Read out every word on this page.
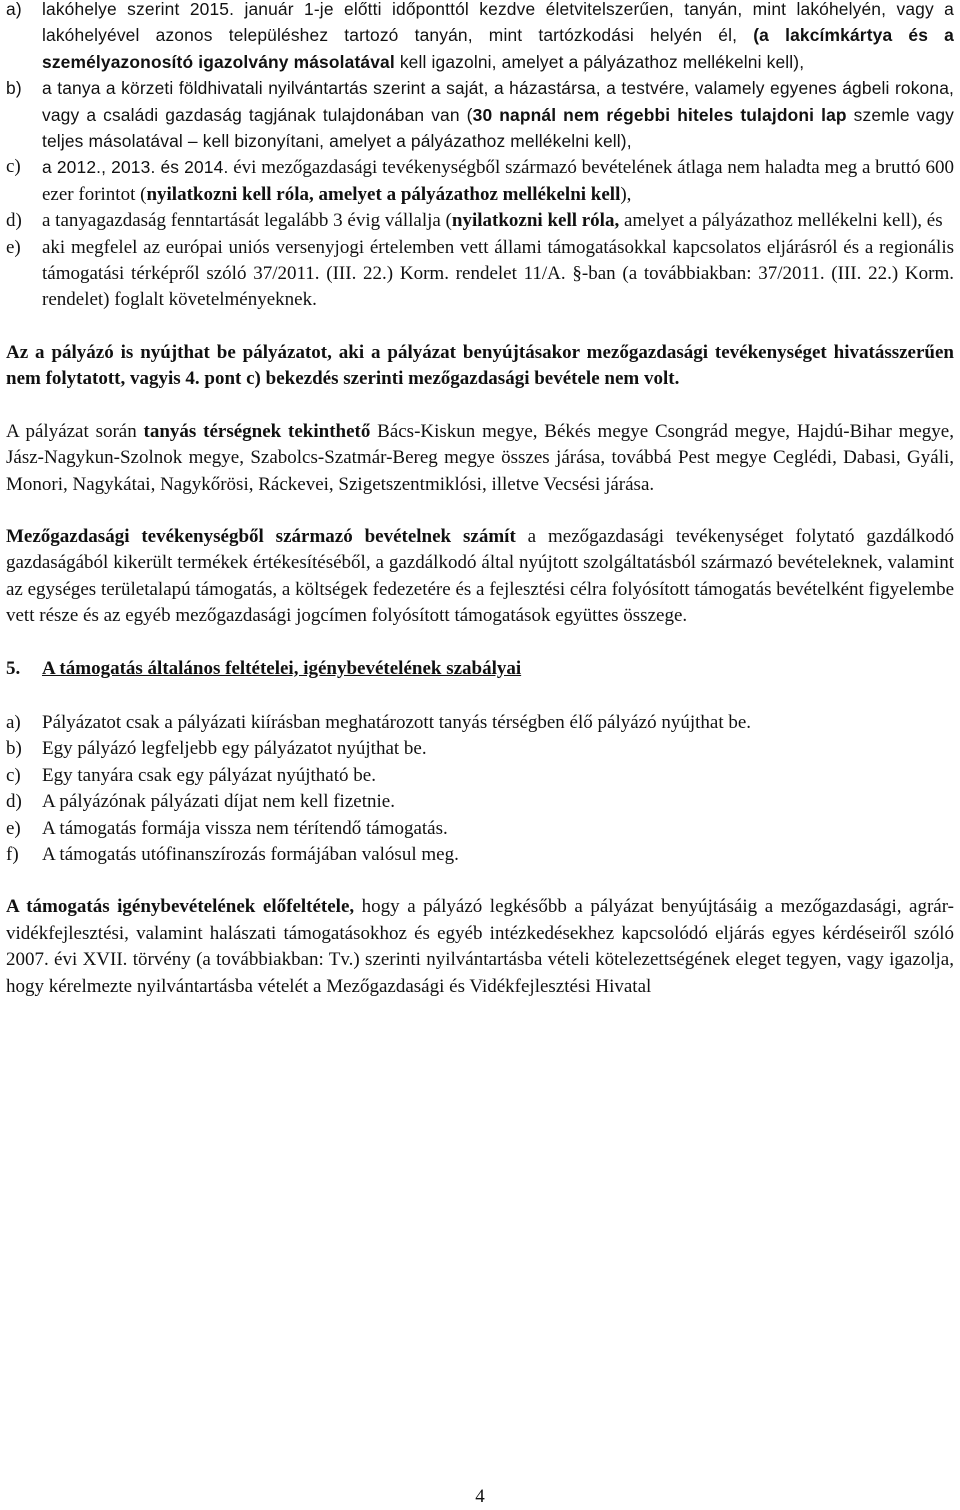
a) lakóhelye szerint 2015. január 1-je előtti időponttól kezdve életvitelszerűen, tanyán, mint lakóhelyén, vagy a lakóhelyével azonos településhez tartozó tanyán, mint tartózkodási helyén él, (a lakcímkártya és a személyazonosító igazolvány másolatával kell igazolni, amelyet a pályázathoz mellékelni kell),
b) a tanya a körzeti földhivatali nyilvántartás szerint a saját, a házastársa, a testvére, valamely egyenes ágbeli rokona, vagy a családi gazdaság tagjának tulajdonában van (30 napnál nem régebbi hiteles tulajdoni lap szemle vagy teljes másolatával – kell bizonyítani, amelyet a pályázathoz mellékelni kell),
c) a 2012., 2013. és 2014. évi mezőgazdasági tevékenységből származó bevételének átlaga nem haladta meg a bruttó 600 ezer forintot (nyilatkozni kell róla, amelyet a pályázathoz mellékelni kell),
d) a tanyagazdaság fenntartását legalább 3 évig vállalja (nyilatkozni kell róla, amelyet a pályázathoz mellékelni kell), és
e) aki megfelel az európai uniós versenyjogi értelemben vett állami támogatásokkal kapcsolatos eljárásról és a regionális támogatási térképről szóló 37/2011. (III. 22.) Korm. rendelet 11/A. §-ban (a továbbiakban: 37/2011. (III. 22.) Korm. rendelet) foglalt követelményeknek.

Az a pályázó is nyújthat be pályázatot, aki a pályázat benyújtásakor mezőgazdasági tevékenységet hivatásszerűen nem folytatott, vagyis 4. pont c) bekezdés szerinti mezőgazdasági bevétele nem volt.

A pályázat során tanyás térségnek tekinthető Bács-Kiskun megye, Békés megye Csongrád megye, Hajdú-Bihar megye, Jász-Nagykun-Szolnok megye, Szabolcs-Szatmár-Bereg megye összes járása, továbbá Pest megye Ceglédi, Dabasi, Gyáli, Monori, Nagykátai, Nagykőrösi, Ráckevei, Szigetszentmiklósi, illetve Vecsési járása.

Mezőgazdasági tevékenységből származó bevételnek számít a mezőgazdasági tevékenységet folytató gazdálkodó gazdaságából kikerült termékek értékesítéséből, a gazdálkodó által nyújtott szolgáltatásból származó bevételeknek, valamint az egységes területalapú támogatás, a költségek fedezetére és a fejlesztési célra folyósított támogatás bevételként figyelembe vett része és az egyéb mezőgazdasági jogcímen folyósított támogatások együttes összege.

5.	A támogatás általános feltételei, igénybevételének szabályai
a) Pályázatot csak a pályázati kiírásban meghatározott tanyás térségben élő pályázó nyújthat be.
b) Egy pályázó legfeljebb egy pályázatot nyújthat be.
c) Egy tanyára csak egy pályázat nyújtható be.
d) A pályázónak pályázati díjat nem kell fizetnie.
e) A támogatás formája vissza nem térítendő támogatás.
f) A támogatás utófinanszírozás formájában valósul meg.

A támogatás igénybevételének előfeltétele, hogy a pályázó legkésőbb a pályázat benyújtásáig a mezőgazdasági, agrár-vidékfejlesztési, valamint halászati támogatásokhoz és egyéb intézkedésekhez kapcsolódó eljárás egyes kérdéseiről szóló 2007. évi XVII. törvény (a továbbiakban: Tv.) szerinti nyilvántartásba vételi kötelezettségének eleget tegyen, vagy igazolja, hogy kérelmezte nyilvántartásba vételét a Mezőgazdasági és Vidékfejlesztési Hivatal

4
